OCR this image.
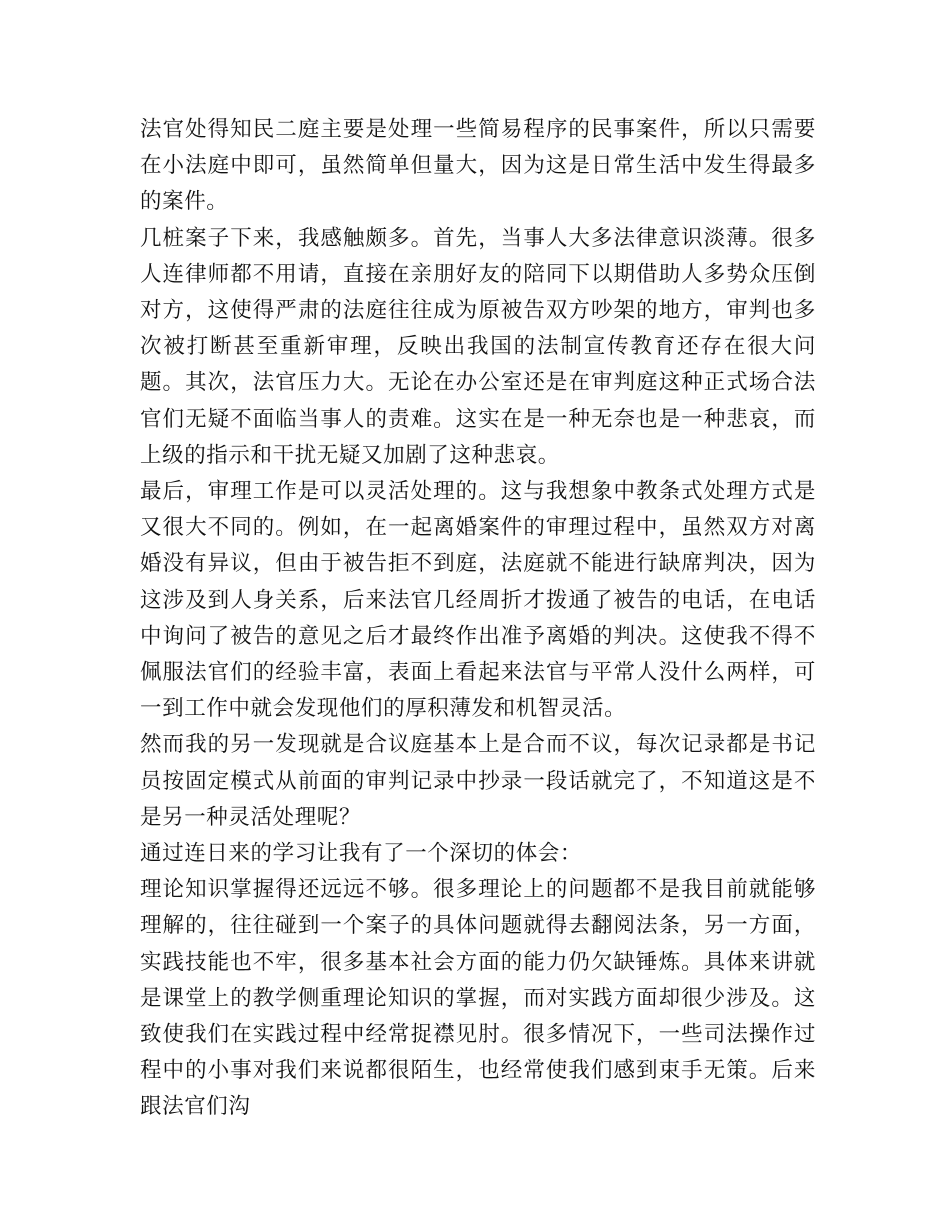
法官处得知民二庭主要是处理一些简易程序的民事案件，所以只需要在小法庭中即可，虽然简单但量大，因为这是日常生活中发生得最多的案件。

几桩案子下来，我感触颇多。首先，当事人大多法律意识淡薄。很多人连律师都不用请，直接在亲朋好友的陪同下以期借助人多势众压倒对方，这使得严肃的法庭往往成为原被告双方吵架的地方，审判也多次被打断甚至重新审理，反映出我国的法制宣传教育还存在很大问题。其次，法官压力大。无论在办公室还是在审判庭这种正式场合法官们无疑不面临当事人的责难。这实在是一种无奈也是一种悲哀，而上级的指示和干扰无疑又加剧了这种悲哀。

最后，审理工作是可以灵活处理的。这与我想象中教条式处理方式是又很大不同的。例如，在一起离婚案件的审理过程中，虽然双方对离婚没有异议，但由于被告拒不到庭，法庭就不能进行缺席判决，因为这涉及到人身关系，后来法官几经周折才拨通了被告的电话，在电话中询问了被告的意见之后才最终作出准予离婚的判决。这使我不得不佩服法官们的经验丰富，表面上看起来法官与平常人没什么两样，可一到工作中就会发现他们的厚积薄发和机智灵活。

然而我的另一发现就是合议庭基本上是合而不议，每次记录都是书记员按固定模式从前面的审判记录中抄录一段话就完了，不知道这是不是另一种灵活处理呢？

通过连日来的学习让我有了一个深切的体会：

理论知识掌握得还远远不够。很多理论上的问题都不是我目前就能够理解的，往往碰到一个案子的具体问题就得去翻阅法条，另一方面，实践技能也不牢，很多基本社会方面的能力仍欠缺锤炼。具体来讲就是课堂上的教学侧重理论知识的掌握，而对实践方面却很少涉及。这致使我们在实践过程中经常捉襟见肘。很多情况下，一些司法操作过程中的小事对我们来说都很陌生，也经常使我们感到束手无策。后来跟法官们沟
